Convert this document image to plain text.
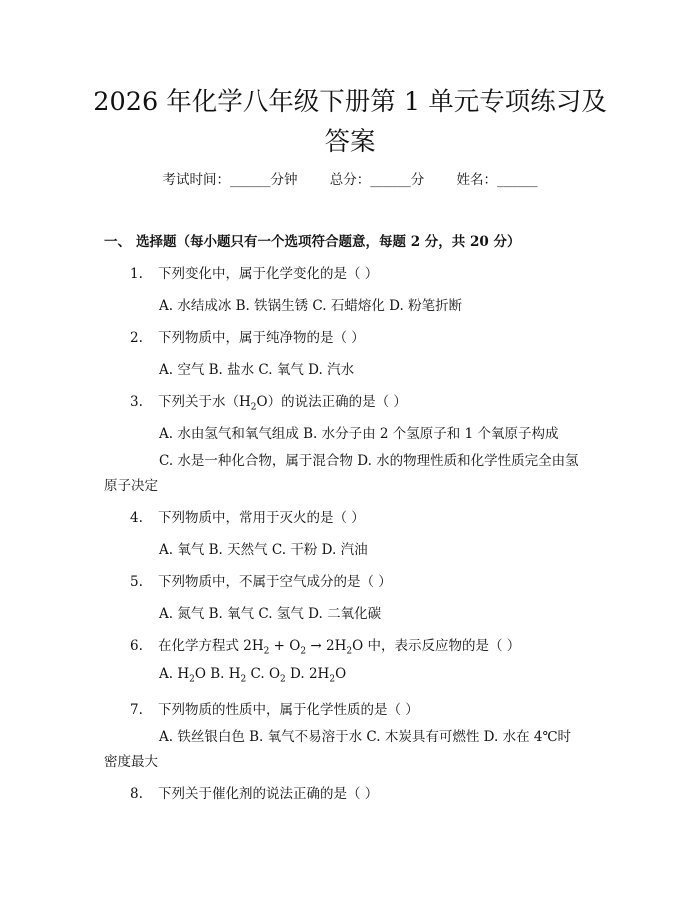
2026 年化学八年级下册第 1 单元专项练习及
答案
考试时间：______分钟 总分：______分 姓名：______
一、 选择题（每小题只有一个选项符合题意，每题 2 分，共 20 分）
1. 下列变化中，属于化学变化的是（ ）
A. 水结成冰 B. 铁锅生锈 C. 石蜡熔化 D. 粉笔折断
2. 下列物质中，属于纯净物的是（ ）
A. 空气 B. 盐水 C. 氧气 D. 汽水
3. 下列关于水$(H_2O)$的说法正确的是（ ）
A. 水由氢气和氧气组成 B. 水分子由 2 个氢原子和 1 个氧原子构成
C. 水是一种化合物，属于混合物 D. 水的物理性质和化学性质完全由氢
原子决定
4. 下列物质中，常用于灭火的是（ ）
A. 氧气 B. 天然气 C. 干粉 D. 汽油
5. 下列物质中，不属于空气成分的是（ ）
A. 氮气 B. 氧气 C. 氢气 D. 二氧化碳
6. 在化学方程式 $2H_2 + O_2 \to 2H_2O$ 中，表示反应物的是（ ）
A. $H_2O$ B. $H_2$ C. $O_2$ D. $2H_2O$
7. 下列物质的性质中，属于化学性质的是（ ）
A. 铁丝银白色 B. 氧气不易溶于水 C. 木炭具有可燃性 D. 水在 4℃时
密度最大
8. 下列关于催化剂的说法正确的是（ ）
